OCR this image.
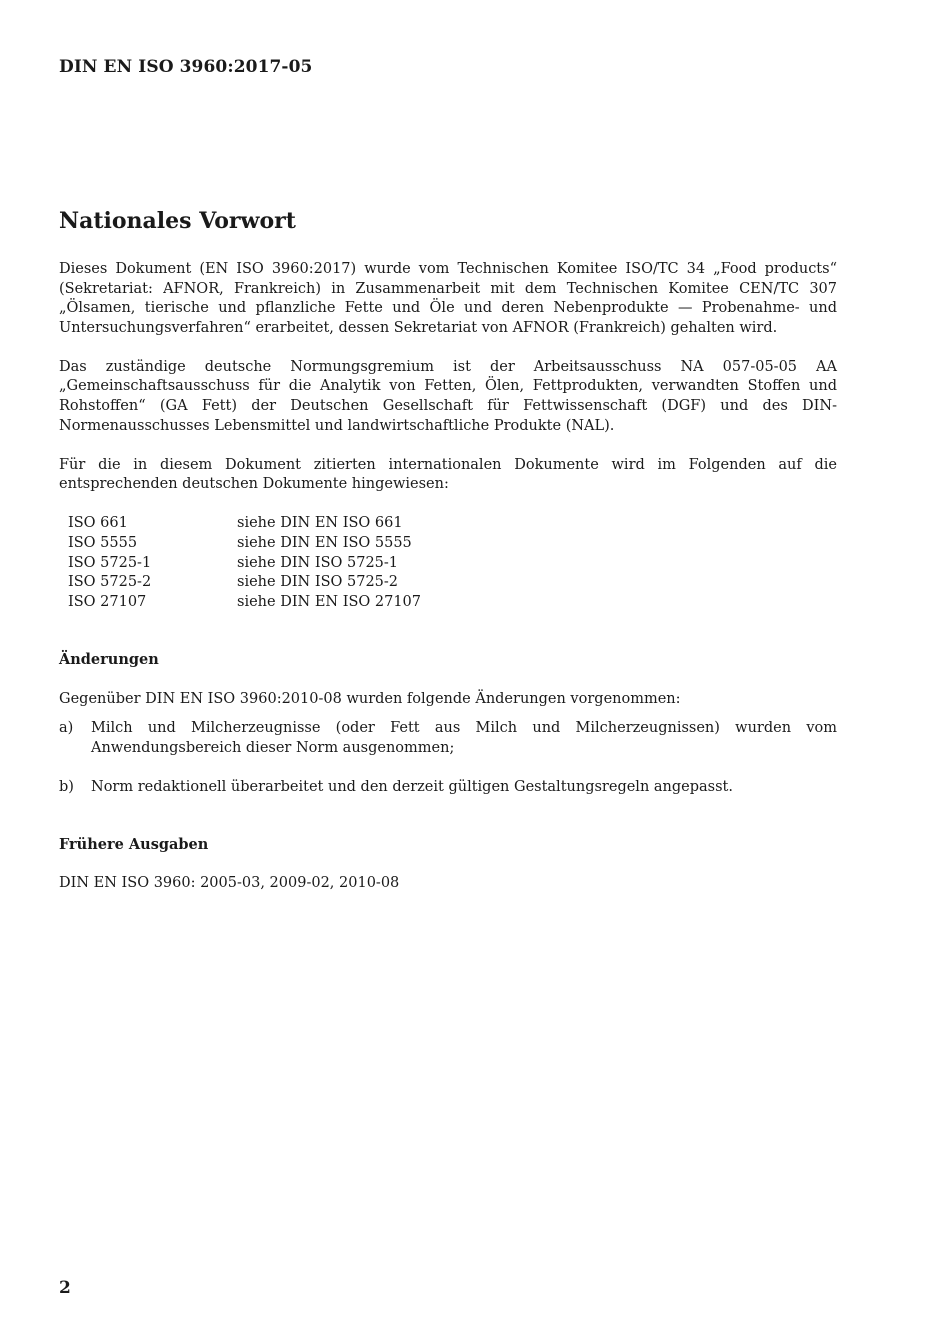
DIN EN ISO 3960:2017-05
Nationales Vorwort

Dieses Dokument (EN ISO 3960:2017) wurde vom Technischen Komitee ISO/TC 34 „Food products“ (Sekretariat: AFNOR, Frankreich) in Zusammenarbeit mit dem Technischen Komitee CEN/TC 307 „Ölsamen, tierische und pflanzliche Fette und Öle und deren Nebenprodukte — Probenahme- und Untersuchungsverfahren“ erarbeitet, dessen Sekretariat von AFNOR (Frankreich) gehalten wird.

Das zuständige deutsche Normungsgremium ist der Arbeitsausschuss NA 057-05-05 AA „Gemeinschaftsausschuss für die Analytik von Fetten, Ölen, Fettprodukten, verwandten Stoffen und Rohstoffen“ (GA Fett) der Deutschen Gesellschaft für Fettwissenschaft (DGF) und des DIN-Normenausschusses Lebensmittel und landwirtschaftliche Produkte (NAL).

Für die in diesem Dokument zitierten internationalen Dokumente wird im Folgenden auf die entsprechenden deutschen Dokumente hingewiesen:

ISO 661	siehe DIN EN ISO 661
ISO 5555	siehe DIN EN ISO 5555
ISO 5725-1	siehe DIN ISO 5725-1
ISO 5725-2	siehe DIN ISO 5725-2
ISO 27107	siehe DIN EN ISO 27107
Änderungen

Gegenüber DIN EN ISO 3960:2010-08 wurden folgende Änderungen vorgenommen:

a)	Milch und Milcherzeugnisse (oder Fett aus Milch und Milcherzeugnissen) wurden vom Anwendungsbereich dieser Norm ausgenommen;
b)	Norm redaktionell überarbeitet und den derzeit gültigen Gestaltungsregeln angepasst.
Frühere Ausgaben

DIN EN ISO 3960: 2005-03, 2009-02, 2010-08

2
